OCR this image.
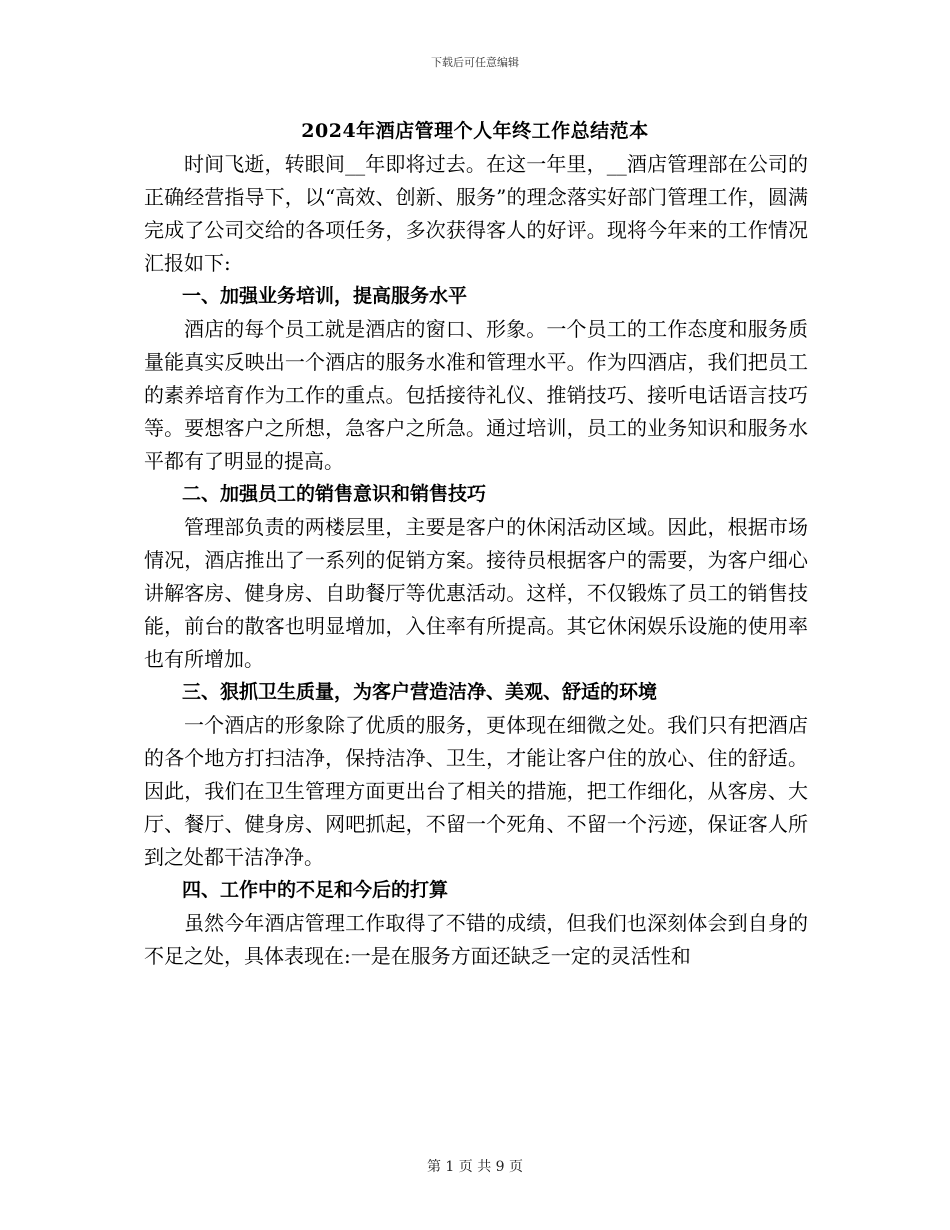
下载后可任意编辑
2024年酒店管理个人年终工作总结范本

时间飞逝，转眼间__年即将过去。在这一年里，__酒店管理部在公司的正确经营指导下，以“高效、创新、服务”的理念落实好部门管理工作，圆满完成了公司交给的各项任务，多次获得客人的好评。现将今年来的工作情况汇报如下:

一、加强业务培训，提高服务水平

酒店的每个员工就是酒店的窗口、形象。一个员工的工作态度和服务质量能真实反映出一个酒店的服务水准和管理水平。作为四酒店，我们把员工的素养培育作为工作的重点。包括接待礼仪、推销技巧、接听电话语言技巧等。要想客户之所想，急客户之所急。通过培训，员工的业务知识和服务水平都有了明显的提高。

二、加强员工的销售意识和销售技巧

管理部负责的两楼层里，主要是客户的休闲活动区域。因此，根据市场情况，酒店推出了一系列的促销方案。接待员根据客户的需要，为客户细心讲解客房、健身房、自助餐厅等优惠活动。这样，不仅锻炼了员工的销售技能，前台的散客也明显增加，入住率有所提高。其它休闲娱乐设施的使用率也有所增加。

三、狠抓卫生质量，为客户营造洁净、美观、舒适的环境

一个酒店的形象除了优质的服务，更体现在细微之处。我们只有把酒店的各个地方打扫洁净，保持洁净、卫生，才能让客户住的放心、住的舒适。因此，我们在卫生管理方面更出台了相关的措施，把工作细化，从客房、大厅、餐厅、健身房、网吧抓起，不留一个死角、不留一个污迹，保证客人所到之处都干洁净净。

四、工作中的不足和今后的打算

虽然今年酒店管理工作取得了不错的成绩，但我们也深刻体会到自身的不足之处，具体表现在:一是在服务方面还缺乏一定的灵活性和

第 1 页 共 9 页
